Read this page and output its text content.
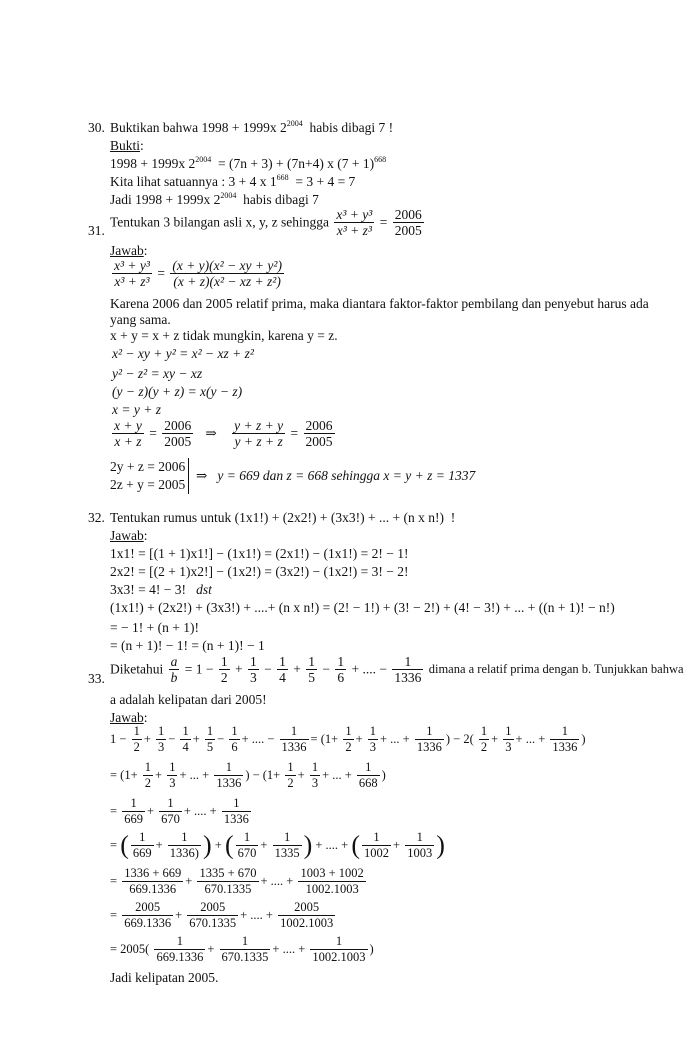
30. Buktikan bahwa 1998 + 1999x $2^{2004}$ habis dibagi 7 !
Bukti:
1998 + 1999x $2^{2004} = (7n + 3) + (7n+4)$ x $(7 + 1)^{668}$
Kita lihat satuannya : 3 + 4 x $1^{668} = 3 + 4 = 7$
Jadi 1998 + 1999x $2^{2004}$ habis dibagi 7
31.
Tentukan 3 bilangan asli x, y, z sehingga $\frac{\text{x³ + y³}}{\text{x³ + z³}} = \frac{2006}{2005}$
Jawab:
$\frac{\text{x³ + y³}}{\text{x³ + z³}} = \frac{\text{(x + y)(x² − xy + y²)}}{\text{(x + z)(x² − xz + z²)}}$
Karena 2006 dan 2005 relatif prima, maka diantara faktor-faktor pembilang dan penyebut harus ada
yang sama.
x + y = x + z tidak mungkin, karena y = z.
x² − xy + y² = x² − xz + z²
y² − z² = xy − xz
(y − z)(y + z) = x(y − z)
x = y + z
$\frac{x + y}{x + z} = \frac{2006}{2005}$ ⇒ $\frac{y + z + y}{y + z + z} = \frac{2006}{2005}$
2y + z = 2006
2z + y = 2005
⇒ y = 669 dan z = 668 sehingga x = y + z = 1337
32. Tentukan rumus untuk (1x1!) + (2x2!) + (3x3!) + ... + (n x n!) !
Jawab:
1x1! = [(1 + 1)x1!] − (1x1!) = (2x1!) − (1x1!) = 2! − 1!
2x2! = [(2 + 1)x2!] − (1x2!) = (3x2!) − (1x2!) = 3! − 2!
3x3! = 4! − 3! dst
(1x1!) + (2x2!) + (3x3!) + ....+ (n x n!) = (2! − 1!) + (3! − 2!) + (4! − 3!) + ... + ((n + 1)! − n!)
= − 1! + (n + 1)!
= (n + 1)! − 1! = (n + 1)! − 1
33.
Diketahui $\frac{a}{b} = 1 - \frac{1}{2} + \frac{1}{3} - \frac{1}{4} + \frac{1}{5} - \frac{1}{6}$ + .... − $\frac{1}{1336}$ dimana a relatif prima dengan b. Tunjukkan bahwa
a adalah kelipatan dari 2005!
Jawab:
$1 - \frac{1}{2} + \frac{1}{3} - \frac{1}{4} + \frac{1}{5} - \frac{1}{6}$ + .... − $\frac{1}{1336} = (1+ \frac{1}{2} + \frac{1}{3}$ + ... + $\frac{1}{1336}$ ) − $2( \frac{1}{2} + \frac{1}{3}$ + ... + $\frac{1}{1336}$ )
= ($1+ \frac{1}{2} + \frac{1}{3}$ + ... + $\frac{1}{1336}$ ) − ($1+ \frac{1}{2} + \frac{1}{3}$ + ... + $\frac{1}{668}$ )
= $\frac{1}{669} + \frac{1}{670}$ + .... + $\frac{1}{1336}$
= ( $\frac{1}{669} + \frac{1}{1336)}$ ) + ( $\frac{1}{670} + \frac{1}{1335}$ ) + .... + ( $\frac{1}{1002} + \frac{1}{1003}$ )
= $\frac{1336 + 669}{669.1336} + \frac{1335 + 670}{670.1335}$ + .... + $\frac{1003 + 1002}{1002.1003}$
= $\frac{2005}{669.1336} + \frac{2005}{670.1335}$ + .... + $\frac{2005}{1002.1003}$
= $2005( \frac{1}{669.1336} + \frac{1}{670.1335}$ + .... + $\frac{1}{1002.1003}$ )
Jadi kelipatan 2005.
